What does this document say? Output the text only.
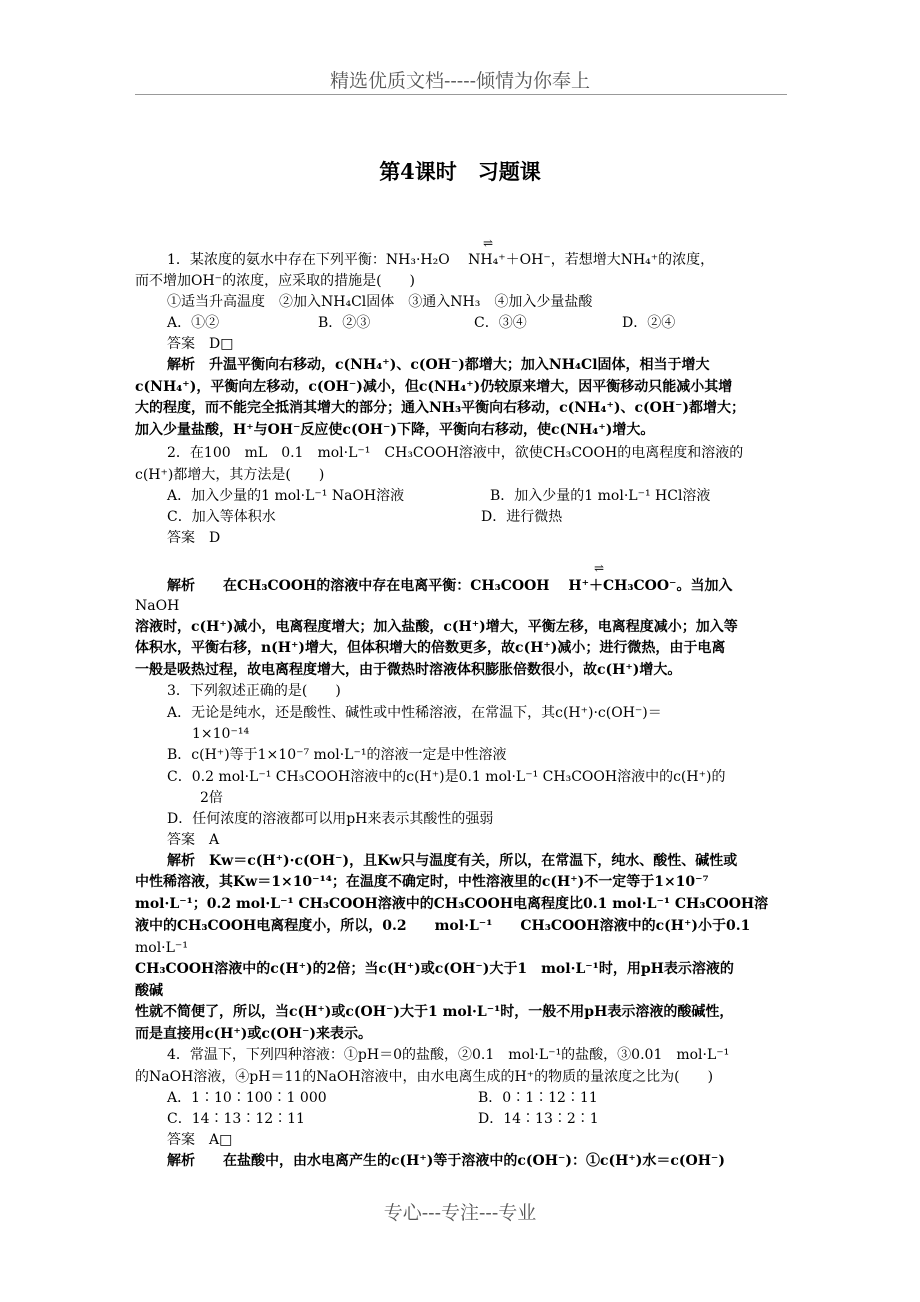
精选优质文档-----倾情为你奉上
第4课时　习题课
⇌
⇌
1．某浓度的氨水中存在下列平衡：NH₃·H₂O　 NH₄⁺＋OH⁻，若想增大NH₄⁺的浓度，
而不增加OH⁻的浓度，应采取的措施是(　　)
①适当升高温度　②加入NH₄Cl固体　③通入NH₃　④加入少量盐酸
A．①②	B．②③	C．③④	D．②④
答案　D□
解析　升温平衡向右移动，c(NH₄⁺)、c(OH⁻)都增大；加入NH₄Cl固体，相当于增大
c(NH₄⁺)，平衡向左移动，c(OH⁻)减小，但c(NH₄⁺)仍较原来增大，因平衡移动只能减小其增
大的程度，而不能完全抵消其增大的部分；通入NH₃平衡向右移动，c(NH₄⁺)、c(OH⁻)都增大；
加入少量盐酸，H⁺与OH⁻反应使c(OH⁻)下降，平衡向右移动，使c(NH₄⁺)增大。
2．在100　mL　0.1　mol·L⁻¹　CH₃COOH溶液中，欲使CH₃COOH的电离程度和溶液的
c(H⁺)都增大，其方法是(　　)
A．加入少量的1 mol·L⁻¹ NaOH溶液	B．加入少量的1 mol·L⁻¹ HCl溶液
C．加入等体积水	D．进行微热
答案　D
解析　　在CH₃COOH的溶液中存在电离平衡：CH₃COOH　 H⁺＋CH₃COO⁻。当加入
NaOH
溶液时，c(H⁺)减小，电离程度增大；加入盐酸，c(H⁺)增大，平衡左移，电离程度减小；加入等
体积水，平衡右移，n(H⁺)增大，但体积增大的倍数更多，故c(H⁺)减小；进行微热，由于电离
一般是吸热过程，故电离程度增大，由于微热时溶液体积膨胀倍数很小，故c(H⁺)增大。
3．下列叙述正确的是(　　)
A．无论是纯水，还是酸性、碱性或中性稀溶液，在常温下，其c(H⁺)·c(OH⁻)＝
1×10⁻¹⁴
B．c(H⁺)等于1×10⁻⁷ mol·L⁻¹的溶液一定是中性溶液
C．0.2 mol·L⁻¹ CH₃COOH溶液中的c(H⁺)是0.1 mol·L⁻¹ CH₃COOH溶液中的c(H⁺)的
2倍
D．任何浓度的溶液都可以用pH来表示其酸性的强弱
答案　A
解析　Kw＝c(H⁺)·c(OH⁻)，且Kw只与温度有关，所以，在常温下，纯水、酸性、碱性或
中性稀溶液，其Kw＝1×10⁻¹⁴；在温度不确定时，中性溶液里的c(H⁺)不一定等于1×10⁻⁷
mol·L⁻¹；0.2 mol·L⁻¹ CH₃COOH溶液中的CH₃COOH电离程度比0.1 mol·L⁻¹ CH₃COOH溶
液中的CH₃COOH电离程度小，所以，0.2　　mol·L⁻¹　　CH₃COOH溶液中的c(H⁺)小于0.1
mol·L⁻¹
CH₃COOH溶液中的c(H⁺)的2倍；当c(H⁺)或c(OH⁻)大于1　mol·L⁻¹时，用pH表示溶液的
酸碱
性就不简便了，所以，当c(H⁺)或c(OH⁻)大于1 mol·L⁻¹时，一般不用pH表示溶液的酸碱性，
而是直接用c(H⁺)或c(OH⁻)来表示。
4．常温下，下列四种溶液：①pH＝0的盐酸，②0.1　mol·L⁻¹的盐酸，③0.01　mol·L⁻¹
的NaOH溶液，④pH＝11的NaOH溶液中，由水电离生成的H⁺的物质的量浓度之比为(　　)
A．1∶10∶100∶1 000	B．0∶1∶12∶11
C．14∶13∶12∶11	D．14∶13∶2∶1
答案　A□
解析　　在盐酸中，由水电离产生的c(H⁺)等于溶液中的c(OH⁻)：①c(H⁺)水＝c(OH⁻)
专心---专注---专业
